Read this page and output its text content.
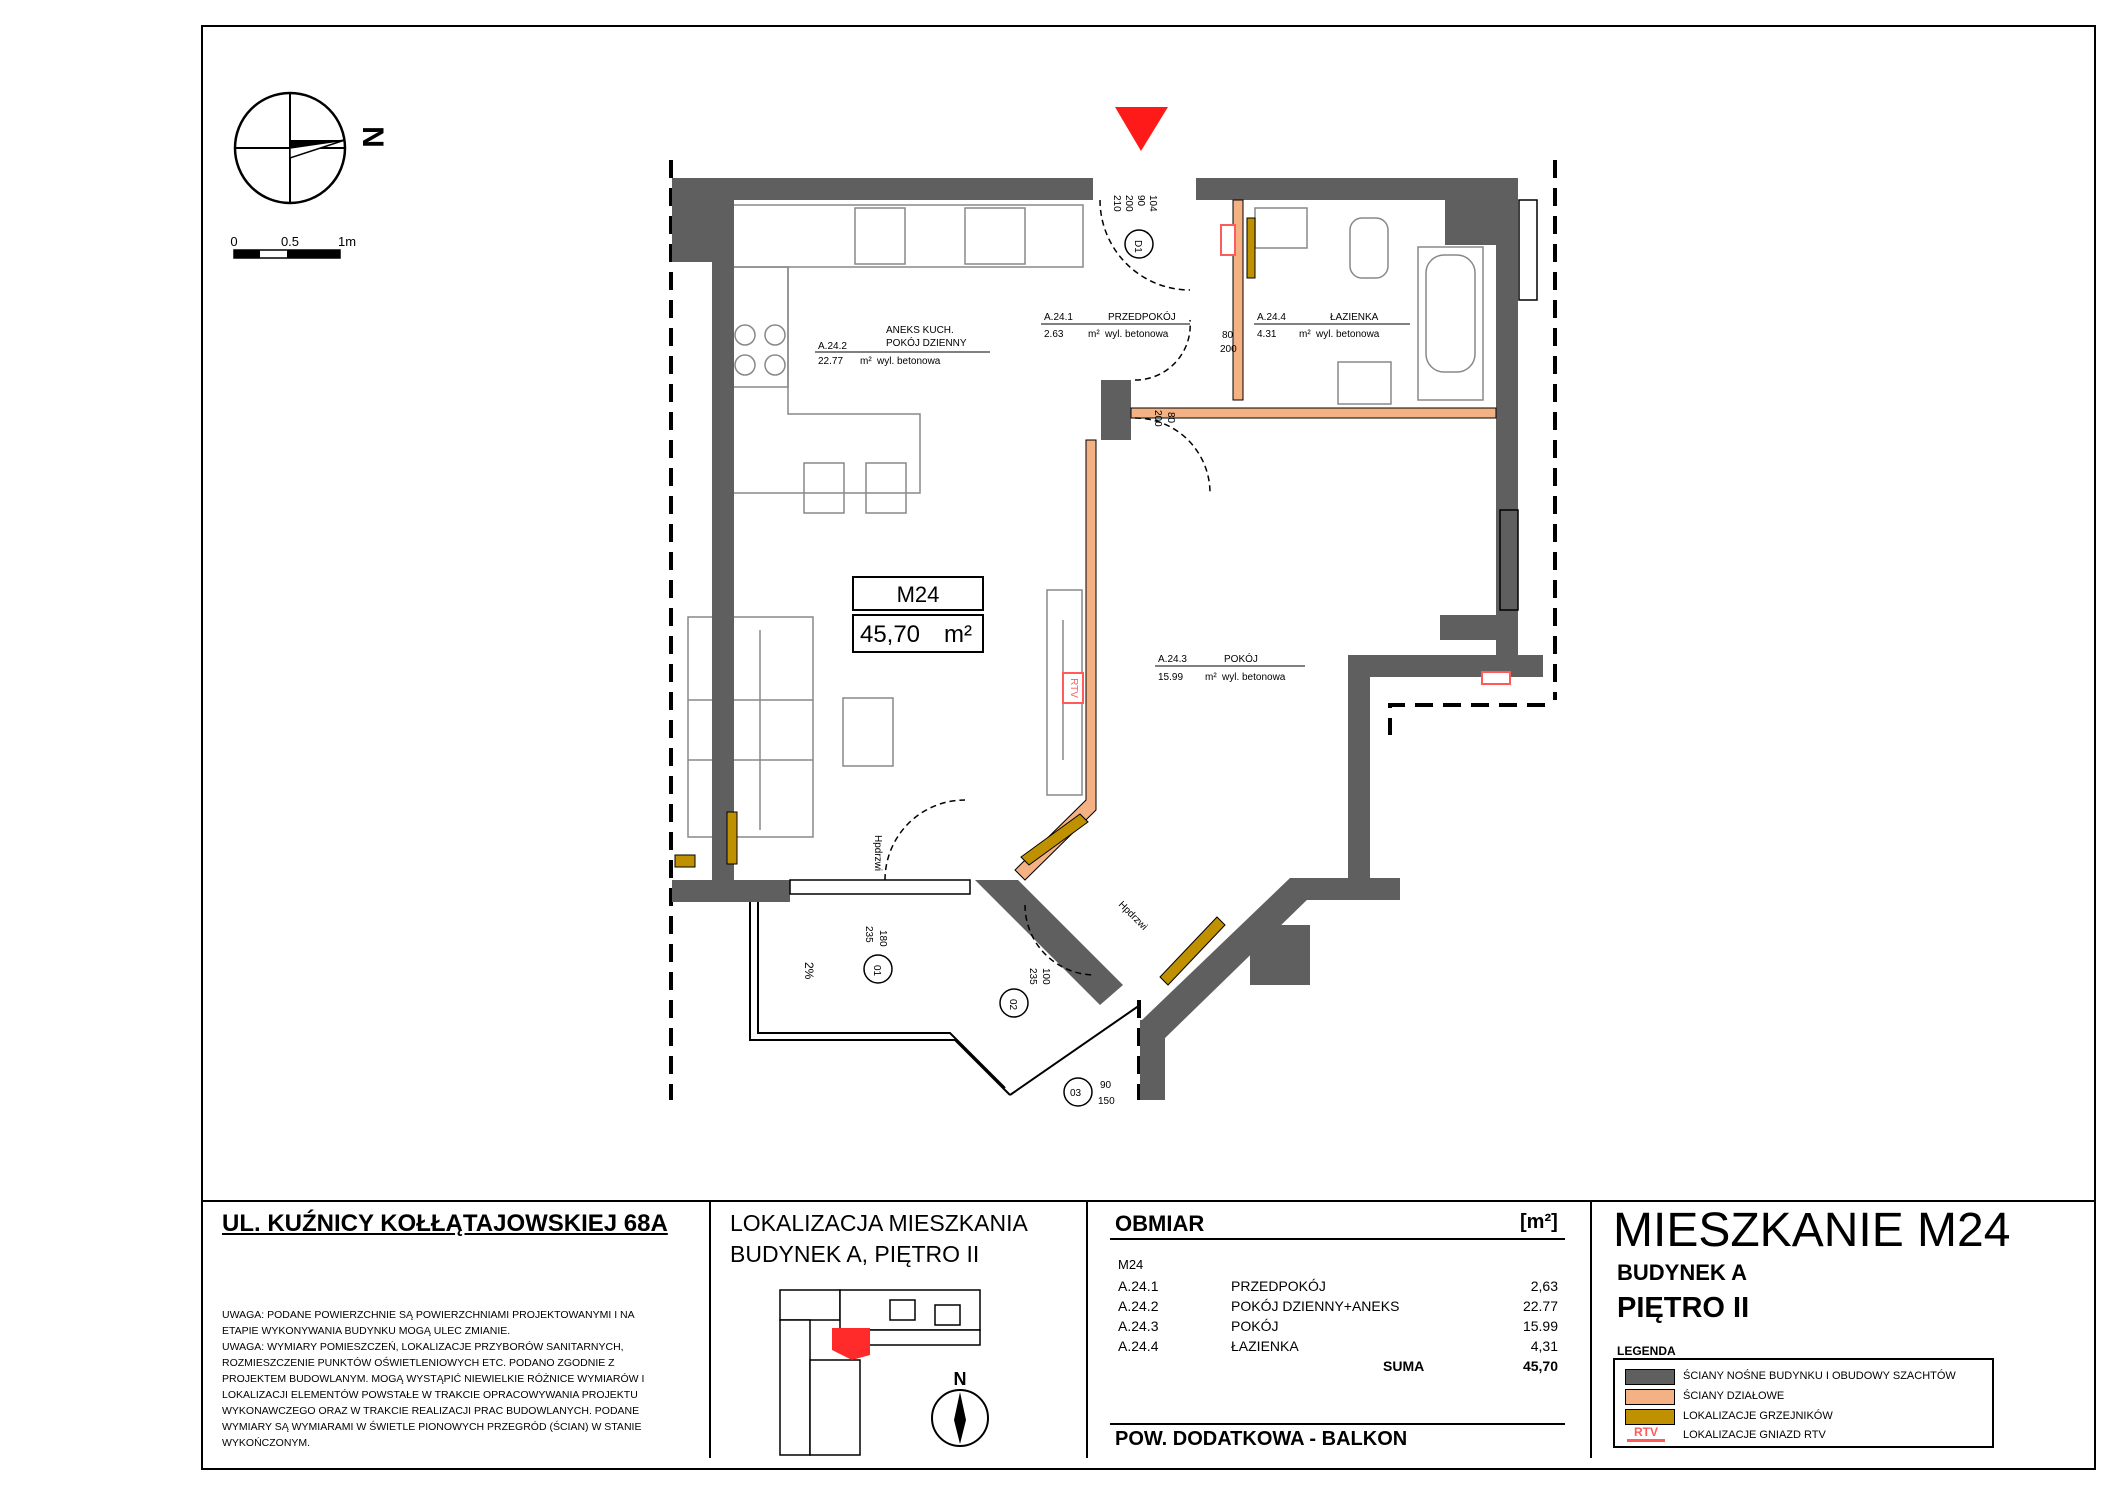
N
0	0.5	1m
M24
45,70 m²
A.24.2
ANEKS KUCH.
POKÓJ DZIENNY
22.77 m² wyl. betonowa
A.24.1	PRZEDPOKÓJ
2.63 m² wyl. betonowa
A.24.4	ŁAZIENKA
4.31 m² wyl. betonowa
A.24.3	POKÓJ
15.99 m² wyl. betonowa
RTV
2%
Hpdrzwi
Hpdrzwi
D1
01
02
03
104
90
200
210
80
200
80
200
180
235
235 100
90
150
UL. KUŹNICY KOŁŁĄTAJOWSKIEJ 68A
UWAGA: PODANE POWIERZCHNIE SĄ POWIERZCHNIAMI PROJEKTOWANYMI I NA
ETAPIE WYKONYWANIA BUDYNKU MOGĄ ULEC ZMIANIE.
UWAGA: WYMIARY POMIESZCZEŃ, LOKALIZACJE PRZYBORÓW SANITARNYCH,
ROZMIESZCZENIE PUNKTÓW OŚWIETLENIOWYCH ETC. PODANO ZGODNIE Z
PROJEKTEM BUDOWLANYM. MOGĄ WYSTĄPIĆ NIEWIELKIE RÓŻNICE WYMIARÓW I
LOKALIZACJI ELEMENTÓW POWSTAŁE W TRAKCIE OPRACOWYWANIA PROJEKTU
WYKONAWCZEGO ORAZ W TRAKCIE REALIZACJI PRAC BUDOWLANYCH. PODANE
WYMIARY SĄ WYMIARAMI W ŚWIETLE PIONOWYCH PRZEGRÓD (ŚCIAN) W STANIE
WYKOŃCZONYM.
LOKALIZACJA MIESZKANIA
BUDYNEK A, PIĘTRO II
N
OBMIAR	[m²]
M24
A.24.1	PRZEDPOKÓJ	2,63
A.24.2	POKÓJ DZIENNY+ANEKS	22.77
A.24.3	POKÓJ	15.99
A.24.4	ŁAZIENKA	4,31
SUMA	45,70
POW. DODATKOWA - BALKON
MIESZKANIE M24
BUDYNEK A
PIĘTRO II
LEGENDA
ŚCIANY NOŚNE BUDYNKU I OBUDOWY SZACHTÓW
ŚCIANY DZIAŁOWE
LOKALIZACJE GRZEJNIKÓW
RTV	LOKALIZACJE GNIAZD RTV
